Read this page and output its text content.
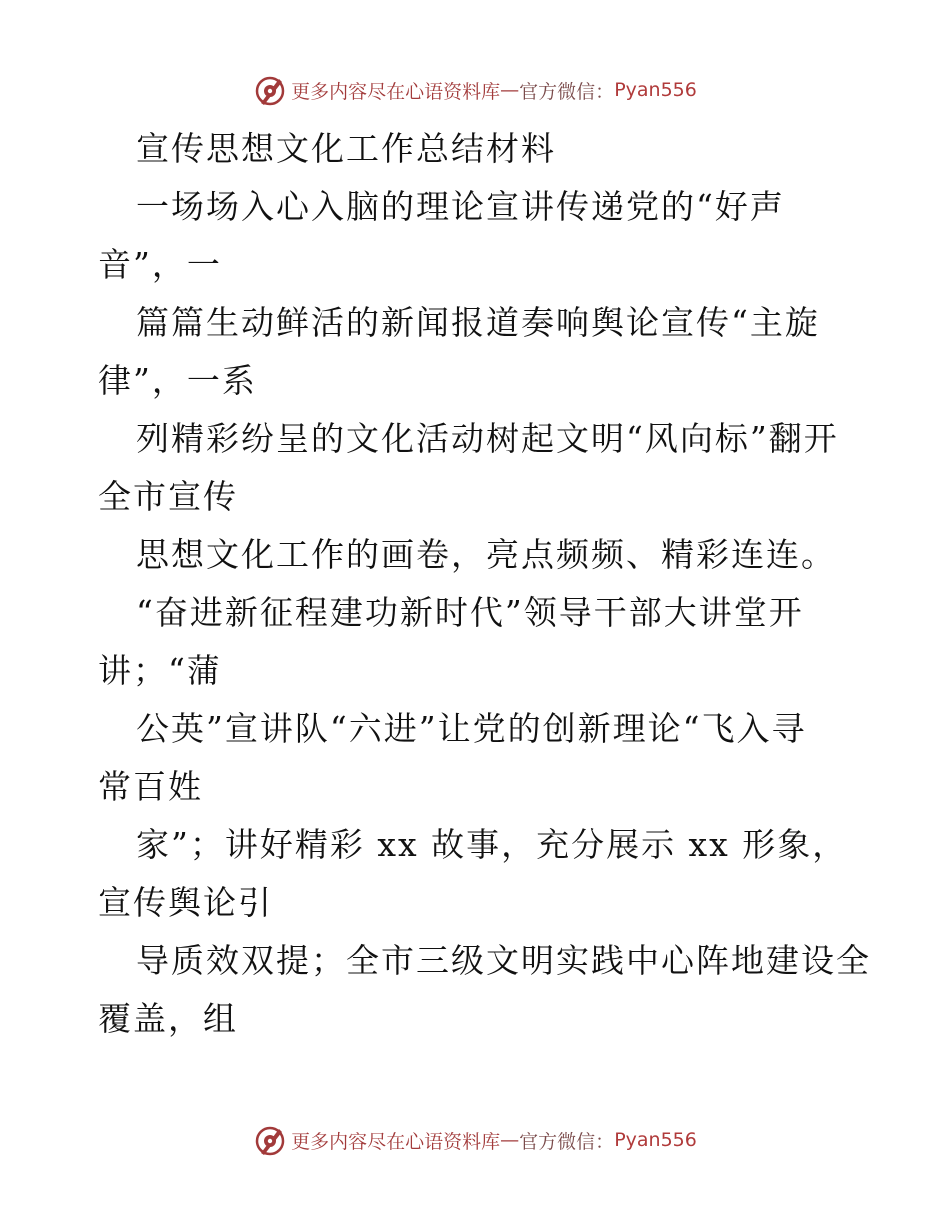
更多内容尽在心语资料库 — 官方微信： Pyan556
宣传思想文化工作总结材料
一场场入心入脑的理论宣讲传递党的“好声
音”，一
篇篇生动鲜活的新闻报道奏响舆论宣传“主旋
律”，一系
列精彩纷呈的文化活动树起文明“风向标”翻开
全市宣传
思想文化工作的画卷，亮点频频、精彩连连。
“奋进新征程建功新时代”领导干部大讲堂开
讲；“蒲
公英”宣讲队“六进”让党的创新理论“飞入寻
常百姓
家”；讲好精彩 xx 故事，充分展示 xx 形象，
宣传舆论引
导质效双提；全市三级文明实践中心阵地建设全
覆盖，组
更多内容尽在心语资料库 — 官方微信： Pyan556
